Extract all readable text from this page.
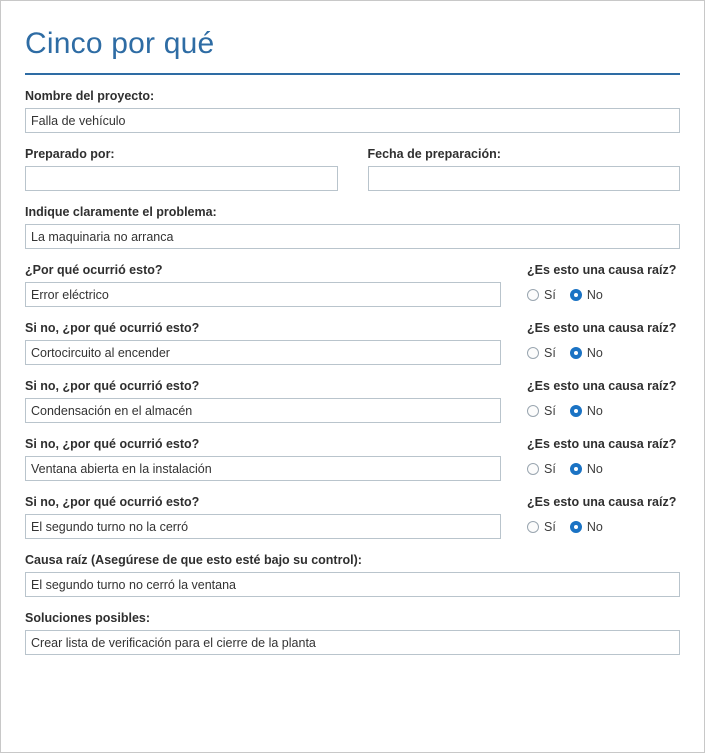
Cinco por qué
Nombre del proyecto:
Falla de vehículo
Preparado por:	Fecha de preparación:
Indique claramente el problema:
La maquinaria no arranca
¿Por qué ocurrió esto?
Error eléctrico	¿Es esto una causa raíz?
Sí No
Si no, ¿por qué ocurrió esto?
Cortocircuito al encender	¿Es esto una causa raíz?
Sí No
Si no, ¿por qué ocurrió esto?
Condensación en el almacén	¿Es esto una causa raíz?
Sí No
Si no, ¿por qué ocurrió esto?
Ventana abierta en la instalación	¿Es esto una causa raíz?
Sí No
Si no, ¿por qué ocurrió esto?
El segundo turno no la cerró	¿Es esto una causa raíz?
Sí No
Causa raíz (Asegúrese de que esto esté bajo su control):
El segundo turno no cerró la ventana
Soluciones posibles:
Crear lista de verificación para el cierre de la planta
